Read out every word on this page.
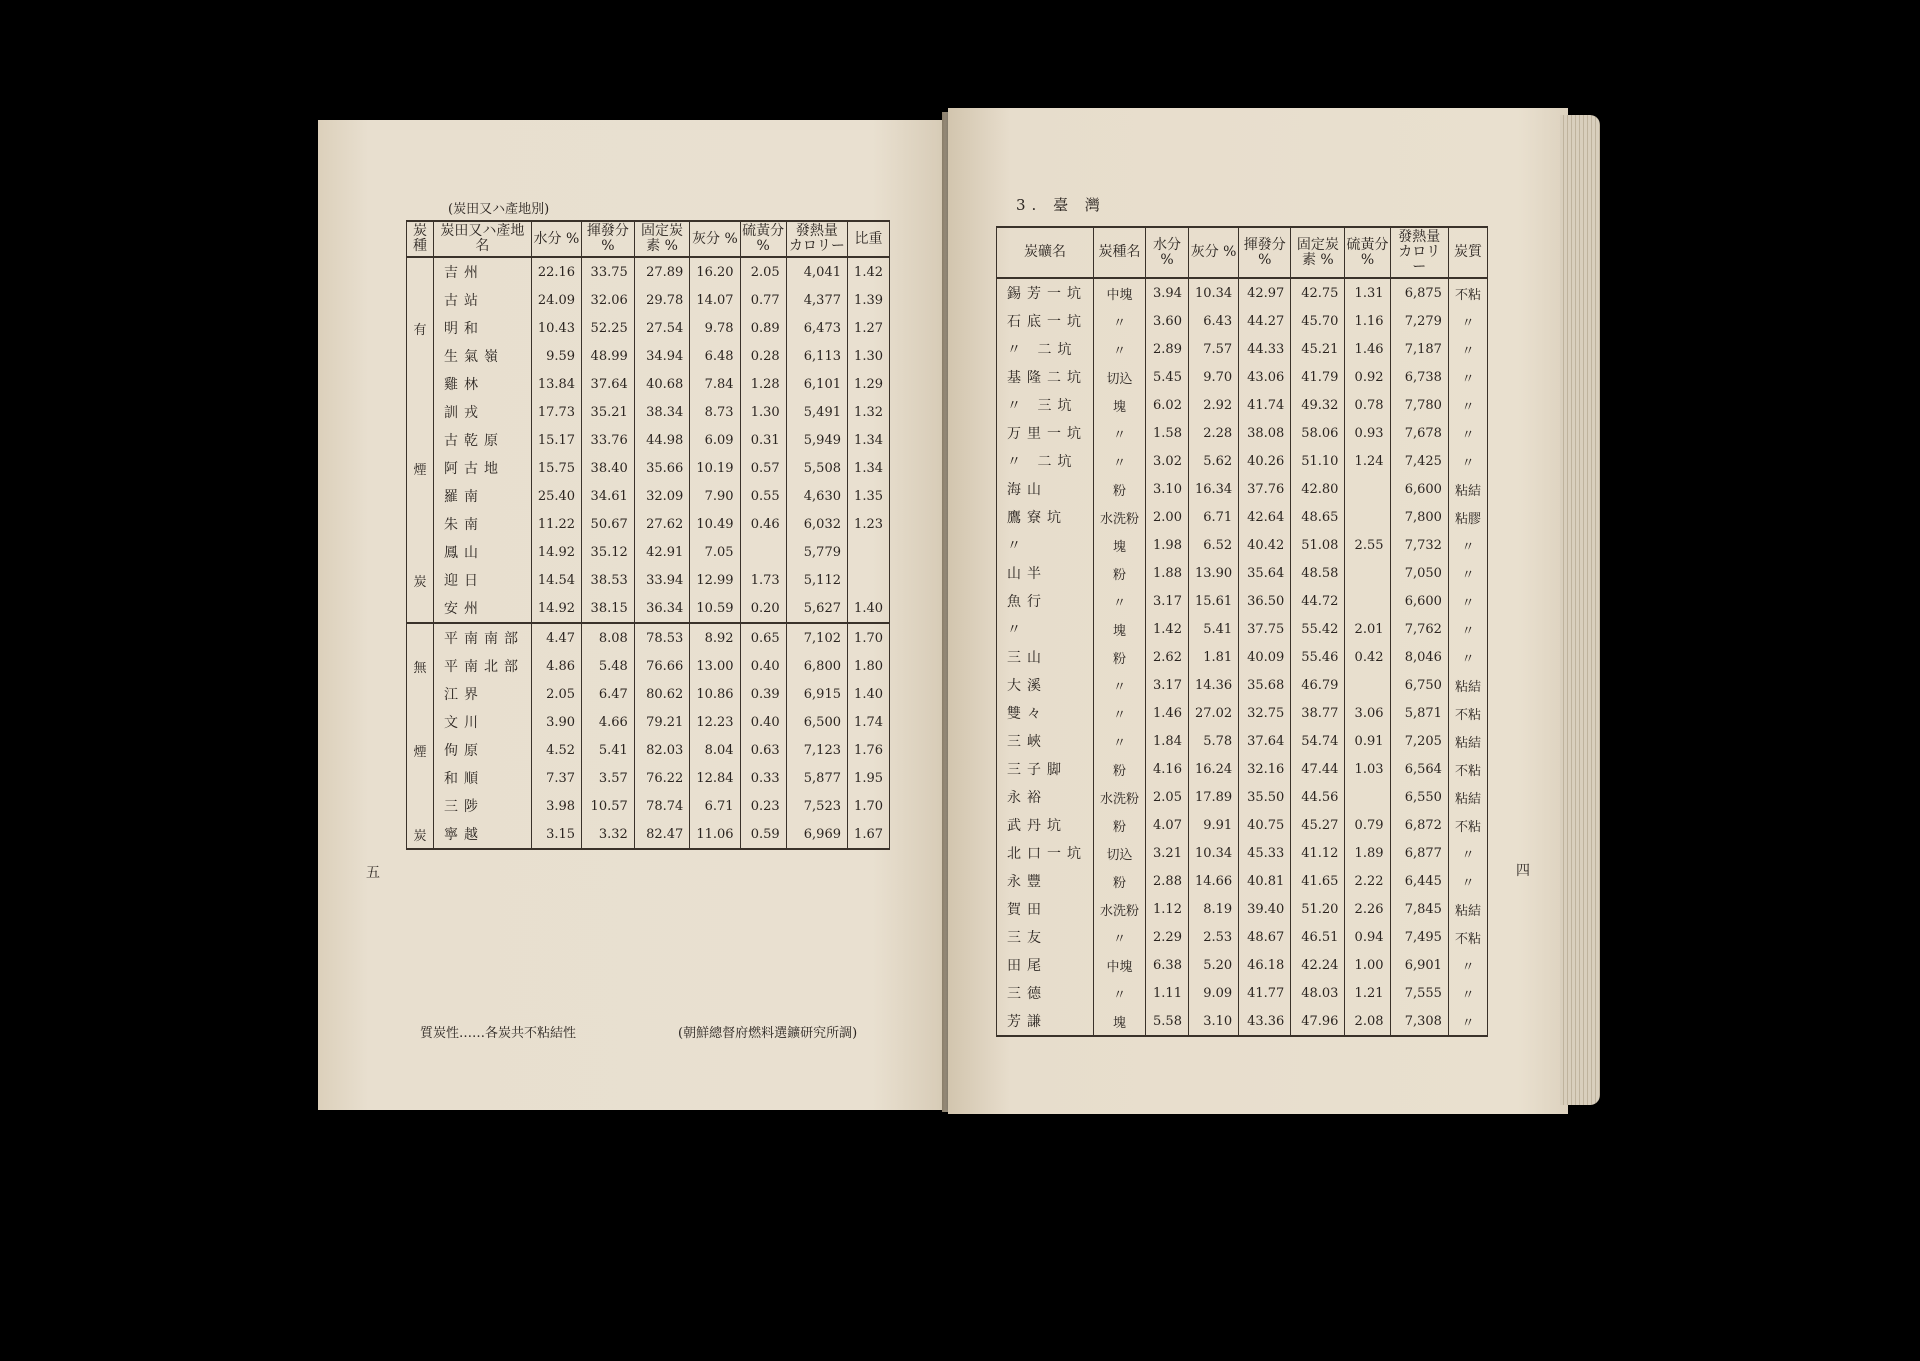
(炭田又ハ產地別)
炭種	炭田又ハ產地名	水分 %	揮發分 %	固定炭素 %	灰分 %	硫黃分 %	發熱量 カロリー	比重
	吉州	22.16	33.75	27.89	16.20	2.05	4,041	1.42
	古站	24.09	32.06	29.78	14.07	0.77	4,377	1.39
有	明和	10.43	52.25	27.54	9.78	0.89	6,473	1.27
	生氣嶺	9.59	48.99	34.94	6.48	0.28	6,113	1.30
	雞林	13.84	37.64	40.68	7.84	1.28	6,101	1.29
	訓戎	17.73	35.21	38.34	8.73	1.30	5,491	1.32
	古乾原	15.17	33.76	44.98	6.09	0.31	5,949	1.34
煙	阿古地	15.75	38.40	35.66	10.19	0.57	5,508	1.34
	羅南	25.40	34.61	32.09	7.90	0.55	4,630	1.35
	朱南	11.22	50.67	27.62	10.49	0.46	6,032	1.23
	鳳山	14.92	35.12	42.91	7.05		5,779	
炭	迎日	14.54	38.53	33.94	12.99	1.73	5,112	
	安州	14.92	38.15	36.34	10.59	0.20	5,627	1.40
	平南南部	4.47	8.08	78.53	8.92	0.65	7,102	1.70
無	平南北部	4.86	5.48	76.66	13.00	0.40	6,800	1.80
	江界	2.05	6.47	80.62	10.86	0.39	6,915	1.40
	文川	3.90	4.66	79.21	12.23	0.40	6,500	1.74
煙	佝原	4.52	5.41	82.03	8.04	0.63	7,123	1.76
	和順	7.37	3.57	76.22	12.84	0.33	5,877	1.95
	三陟	3.98	10.57	78.74	6.71	0.23	7,523	1.70
炭	寧越	3.15	3.32	82.47	11.06	0.59	6,969	1.67
五
質炭性……各炭共不粘結性	(朝鮮總督府燃料選鑛研究所調)
3. 臺 灣
炭礦名	炭種名	水分 %	灰分 %	揮發分 %	固定炭素 %	硫黃分 %	發熱量 カロリー	炭質
錫芳一坑	中塊	3.94	10.34	42.97	42.75	1.31	6,875	不粘
石底一坑	〃	3.60	6.43	44.27	45.70	1.16	7,279	〃
〃 二坑	〃	2.89	7.57	44.33	45.21	1.46	7,187	〃
基隆二坑	切込	5.45	9.70	43.06	41.79	0.92	6,738	〃
〃 三坑	塊	6.02	2.92	41.74	49.32	0.78	7,780	〃
万里一坑	〃	1.58	2.28	38.08	58.06	0.93	7,678	〃
〃 二坑	〃	3.02	5.62	40.26	51.10	1.24	7,425	〃
海山	粉	3.10	16.34	37.76	42.80		6,600	粘結
鷹寮坑	水洗粉	2.00	6.71	42.64	48.65		7,800	粘膠
〃	塊	1.98	6.52	40.42	51.08	2.55	7,732	〃
山半	粉	1.88	13.90	35.64	48.58		7,050	〃
魚行	〃	3.17	15.61	36.50	44.72		6,600	〃
〃	塊	1.42	5.41	37.75	55.42	2.01	7,762	〃
三山	粉	2.62	1.81	40.09	55.46	0.42	8,046	〃
大溪	〃	3.17	14.36	35.68	46.79		6,750	粘結
雙々	〃	1.46	27.02	32.75	38.77	3.06	5,871	不粘
三峽	〃	1.84	5.78	37.64	54.74	0.91	7,205	粘結
三子脚	粉	4.16	16.24	32.16	47.44	1.03	6,564	不粘
永裕	水洗粉	2.05	17.89	35.50	44.56		6,550	粘結
武丹坑	粉	4.07	9.91	40.75	45.27	0.79	6,872	不粘
北口一坑	切込	3.21	10.34	45.33	41.12	1.89	6,877	〃
永豐	粉	2.88	14.66	40.81	41.65	2.22	6,445	〃
賀田	水洗粉	1.12	8.19	39.40	51.20	2.26	7,845	粘結
三友	〃	2.29	2.53	48.67	46.51	0.94	7,495	不粘
田尾	中塊	6.38	5.20	46.18	42.24	1.00	6,901	〃
三德	〃	1.11	9.09	41.77	48.03	1.21	7,555	〃
芳謙	塊	5.58	3.10	43.36	47.96	2.08	7,308	〃
四
